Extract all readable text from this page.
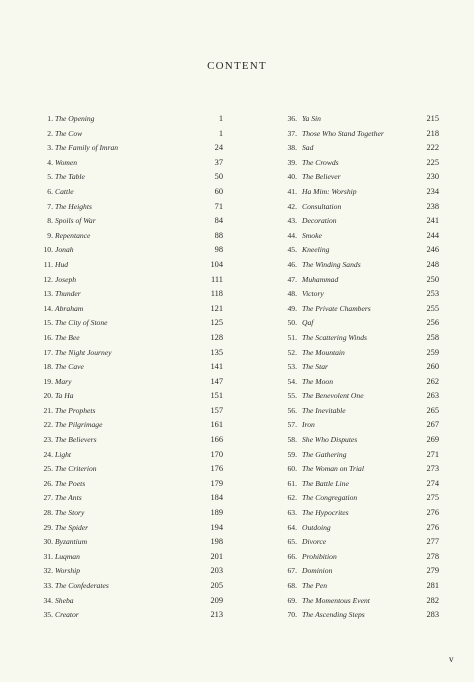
CONTENT
1. The Opening	1
2. The Cow	1
3. The Family of Imran	24
4. Women	37
5. The Table	50
6. Cattle	60
7. The Heights	71
8. Spoils of War	84
9. Repentance	88
10. Jonah	98
11. Hud	104
12. Joseph	111
13. Thunder	118
14. Abraham	121
15. The City of Stone	125
16. The Bee	128
17. The Night Journey	135
18. The Cave	141
19. Mary	147
20. Ta Ha	151
21. The Prophets	157
22. The Pilgrimage	161
23. The Believers	166
24. Light	170
25. The Criterion	176
26. The Poets	179
27. The Ants	184
28. The Story	189
29. The Spider	194
30. Byzantium	198
31. Luqman	201
32. Worship	203
33. The Confederates	205
34. Sheba	209
35. Creator	213
36. Ya Sin	215
37. Those Who Stand Together	218
38. Sad	222
39. The Crowds	225
40. The Believer	230
41. Ha Mim: Worship	234
42. Consultation	238
43. Decoration	241
44. Smoke	244
45. Kneeling	246
46. The Winding Sands	248
47. Muhammad	250
48. Victory	253
49. The Private Chambers	255
50. Qaf	256
51. The Scattering Winds	258
52. The Mountain	259
53. The Star	260
54. The Moon	262
55. The Benevolent One	263
56. The Inevitable	265
57. Iron	267
58. She Who Disputes	269
59. The Gathering	271
60. The Woman on Trial	273
61. The Battle Line	274
62. The Congregation	275
63. The Hypocrites	276
64. Outdoing	276
65. Divorce	277
66. Prohibition	278
67. Dominion	279
68. The Pen	281
69. The Momentous Event	282
70. The Ascending Steps	283
v
